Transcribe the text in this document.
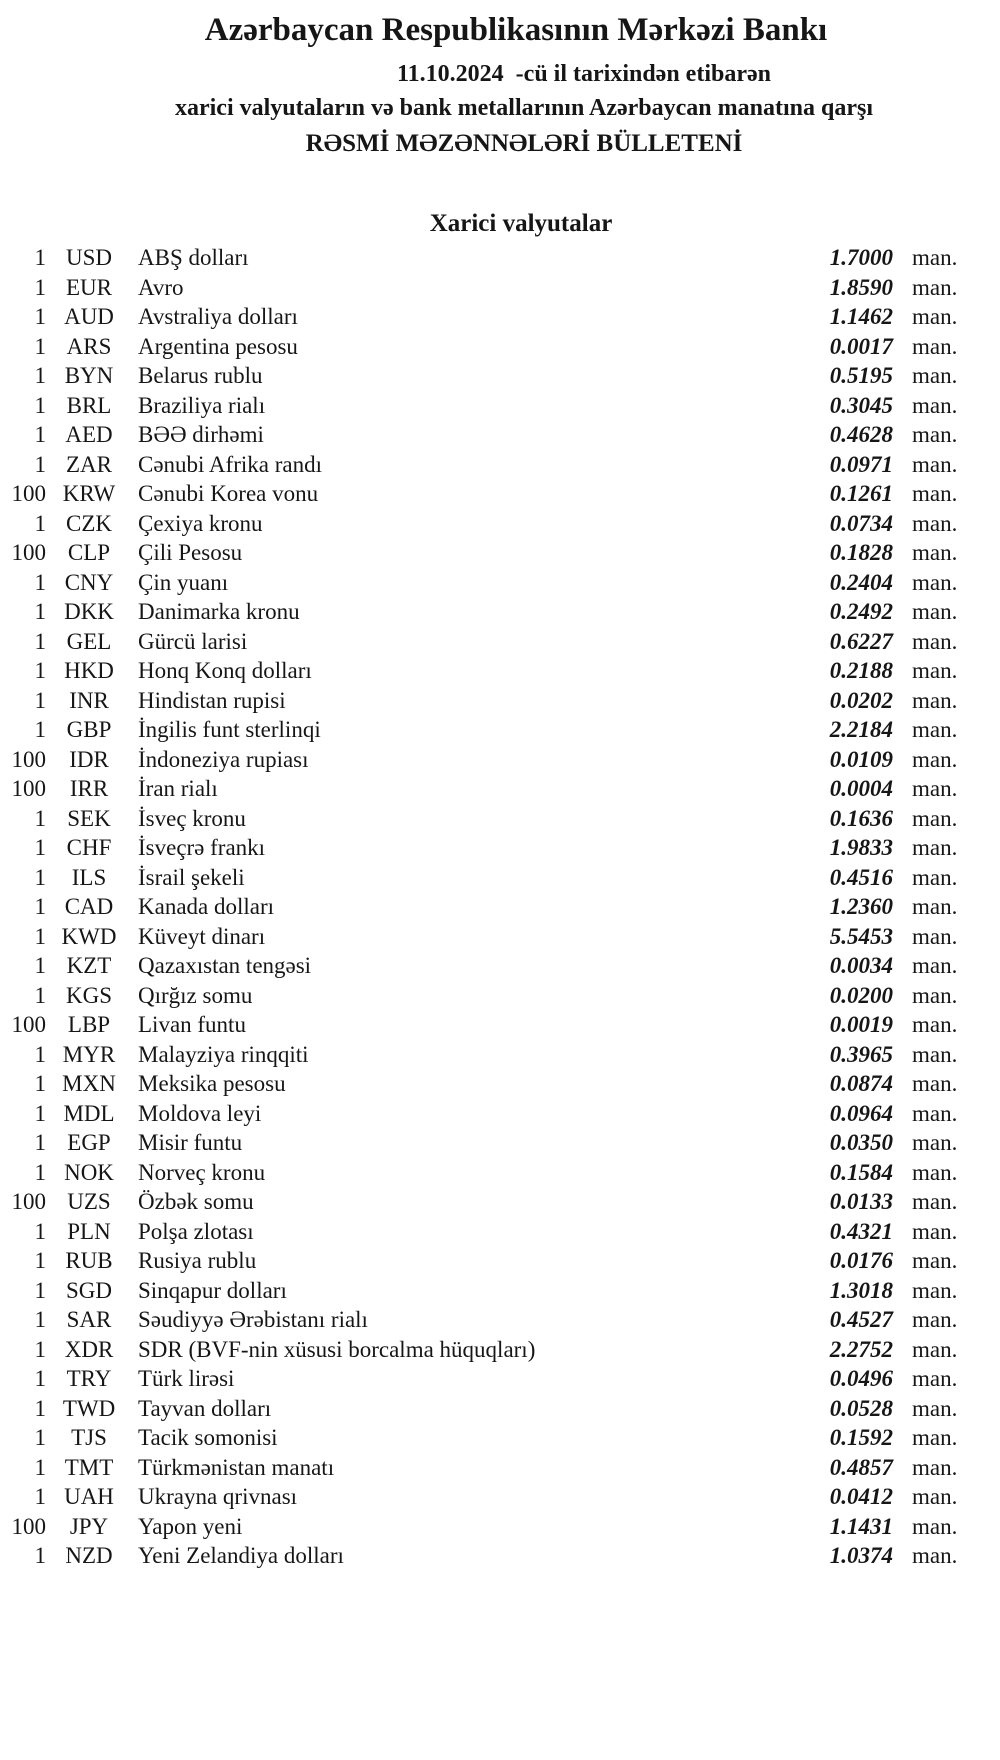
Azərbaycan Respublikasının Mərkəzi Bankı
11.10.2024 -cü il tarixindən etibarən
xarici valyutaların və bank metallarının Azərbaycan manatına qarşı
RƏSMİ MƏZƏNNƏLƏRİ BÜLLETENİ
Xarici valyutalar
1 USD	ABŞ dolları	1.7000 man.
1 EUR	Avro	1.8590 man.
1 AUD	Avstraliya dolları	1.1462 man.
1 ARS	Argentina pesosu	0.0017 man.
1 BYN	Belarus rublu	0.5195 man.
1 BRL	Braziliya rialı	0.3045 man.
1 AED	BƏƏ dirhəmi	0.4628 man.
1 ZAR	Cənubi Afrika randı	0.0971 man.
100 KRW Cənubi Korea vonu	0.1261 man.
1 CZK	Çexiya kronu	0.0734 man.
100 CLP	Çili Pesosu	0.1828 man.
1 CNY	Çin yuanı	0.2404 man.
1 DKK	Danimarka kronu	0.2492 man.
1 GEL	Gürcü larisi	0.6227 man.
1 HKD	Honq Konq dolları	0.2188 man.
1	INR	Hindistan rupisi	0.0202 man.
1 GBP	İngilis funt sterlinqi	2.2184 man.
100	IDR	İndoneziya rupiası	0.0109 man.
100	IRR	İran rialı	0.0004 man.
1 SEK	İsveç kronu	0.1636 man.
1 CHF	İsveçrə frankı	1.9833 man.
1	ILS	İsrail şekeli	0.4516 man.
1 CAD	Kanada dolları	1.2360 man.
1 KWD Küveyt dinarı	5.5453 man.
1 KZT	Qazaxıstan tengəsi	0.0034 man.
1 KGS	Qırğız somu	0.0200 man.
100 LBP	Livan funtu	0.0019 man.
1 MYR Malayziya rinqqiti	0.3965 man.
1 MXN Meksika pesosu	0.0874 man.
1 MDL	Moldova leyi	0.0964 man.
1 EGP	Misir funtu	0.0350 man.
1 NOK	Norveç kronu	0.1584 man.
100 UZS	Özbək somu	0.0133 man.
1 PLN	Polşa zlotası	0.4321 man.
1 RUB	Rusiya rublu	0.0176 man.
1 SGD	Sinqapur dolları	1.3018 man.
1 SAR	Səudiyyə Ərəbistanı rialı	0.4527 man.
1 XDR	SDR (BVF-nin xüsusi borcalma hüquqları)	2.2752 man.
1 TRY	Türk lirəsi	0.0496 man.
1 TWD Tayvan dolları	0.0528 man.
1	TJS	Tacik somonisi	0.1592 man.
1 TMT	Türkmənistan manatı	0.4857 man.
1 UAH	Ukrayna qrivnası	0.0412 man.
100	JPY	Yapon yeni	1.1431 man.
1 NZD	Yeni Zelandiya dolları	1.0374 man.
